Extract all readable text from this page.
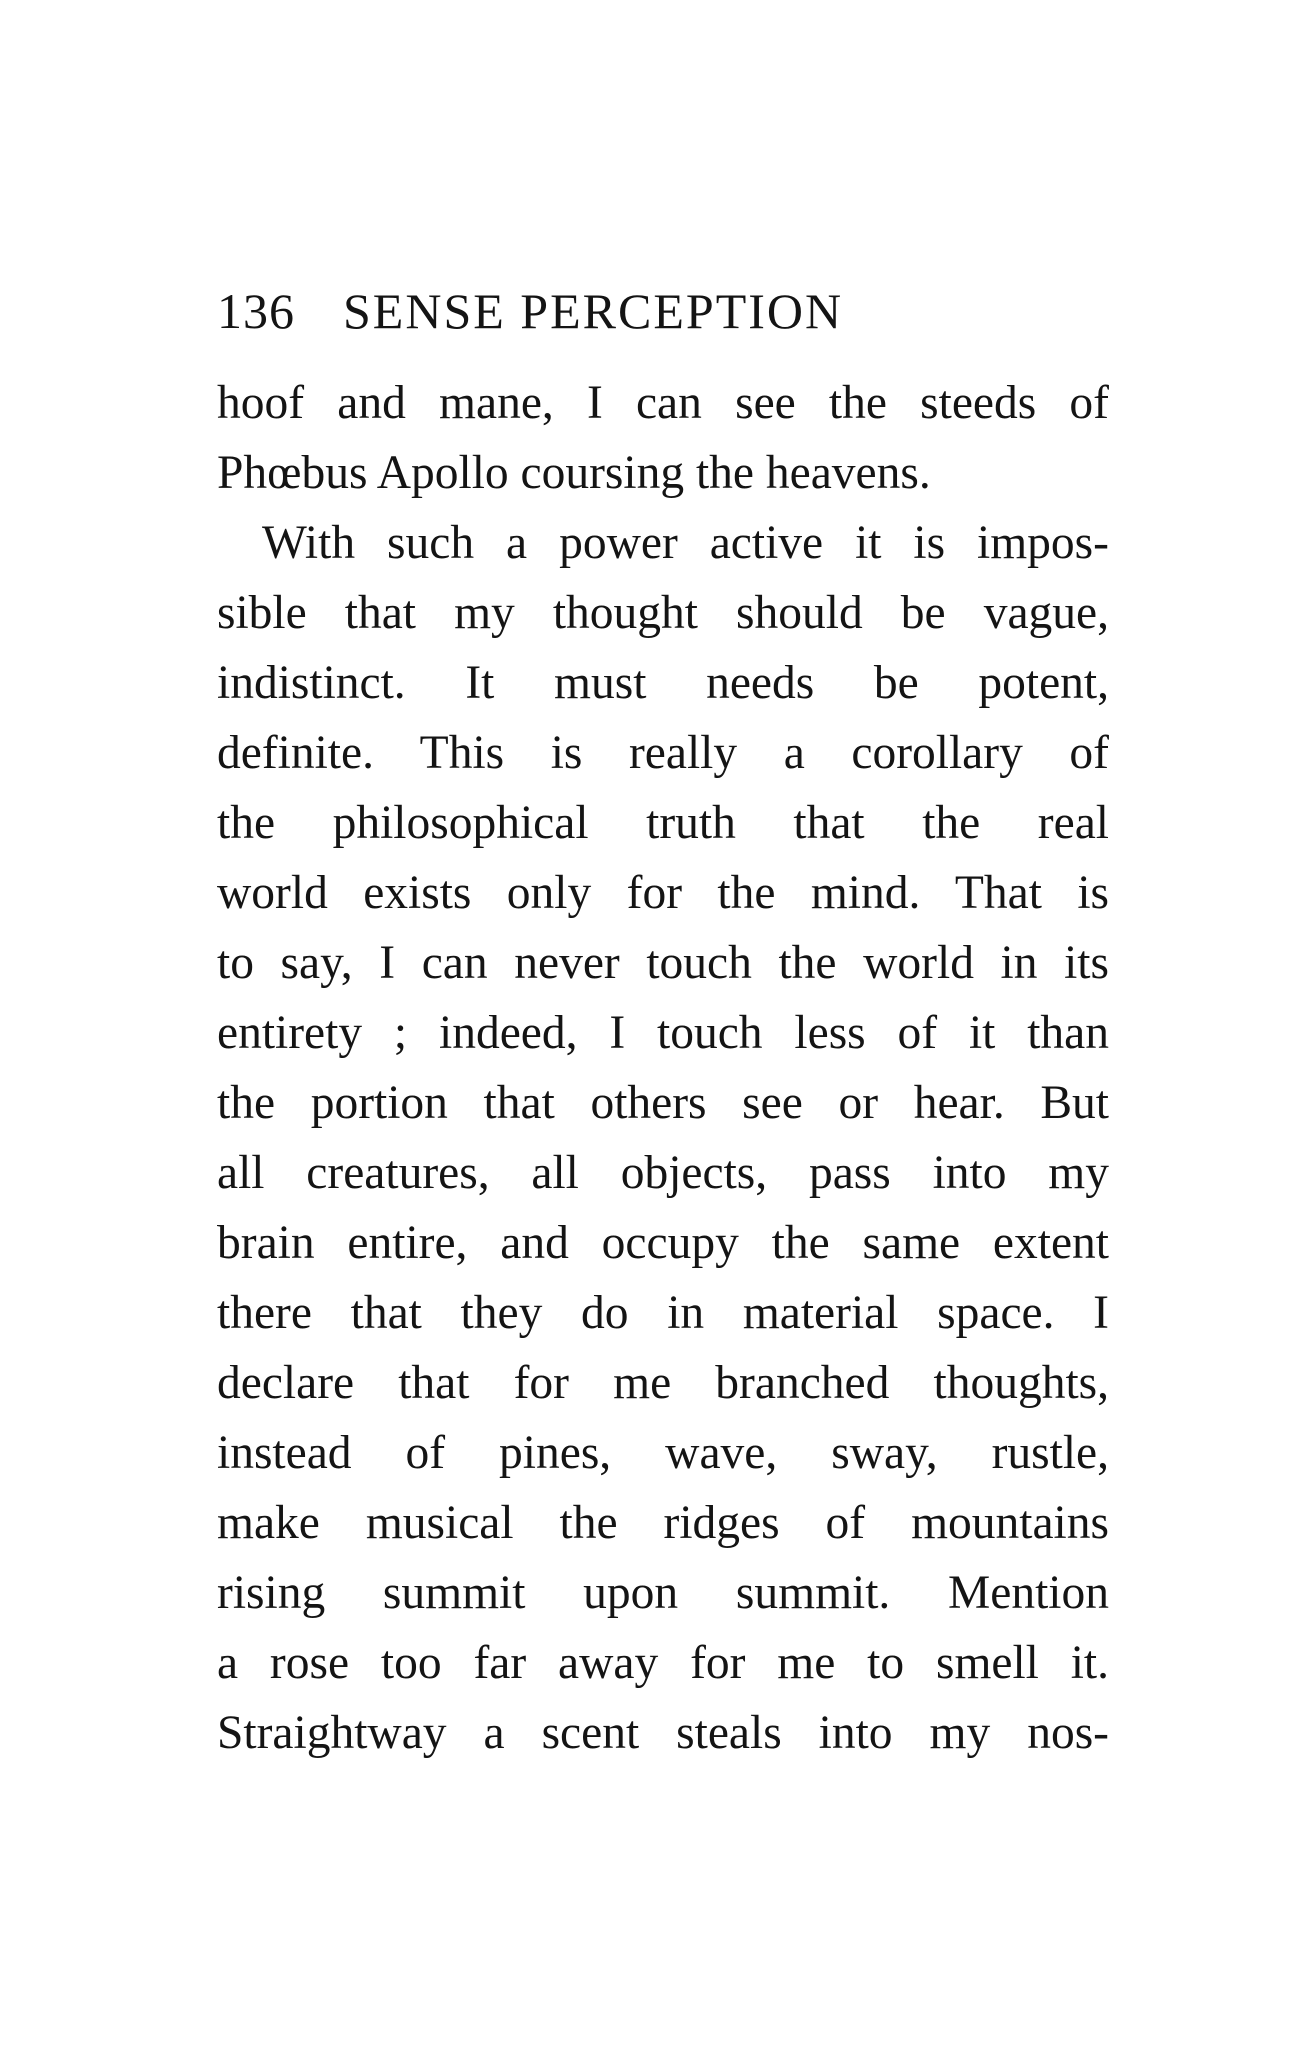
136 SENSE PERCEPTION
hoof and mane, I can see the steeds of
Phœbus Apollo coursing the heavens.
With such a power active it is impos-
sible that my thought should be vague,
indistinct. It must needs be potent,
definite. This is really a corollary of
the philosophical truth that the real
world exists only for the mind. That is
to say, I can never touch the world in its
entirety ; indeed, I touch less of it than
the portion that others see or hear. But
all creatures, all objects, pass into my
brain entire, and occupy the same extent
there that they do in material space. I
declare that for me branched thoughts,
instead of pines, wave, sway, rustle,
make musical the ridges of mountains
rising summit upon summit. Mention
a rose too far away for me to smell it.
Straightway a scent steals into my nos-
